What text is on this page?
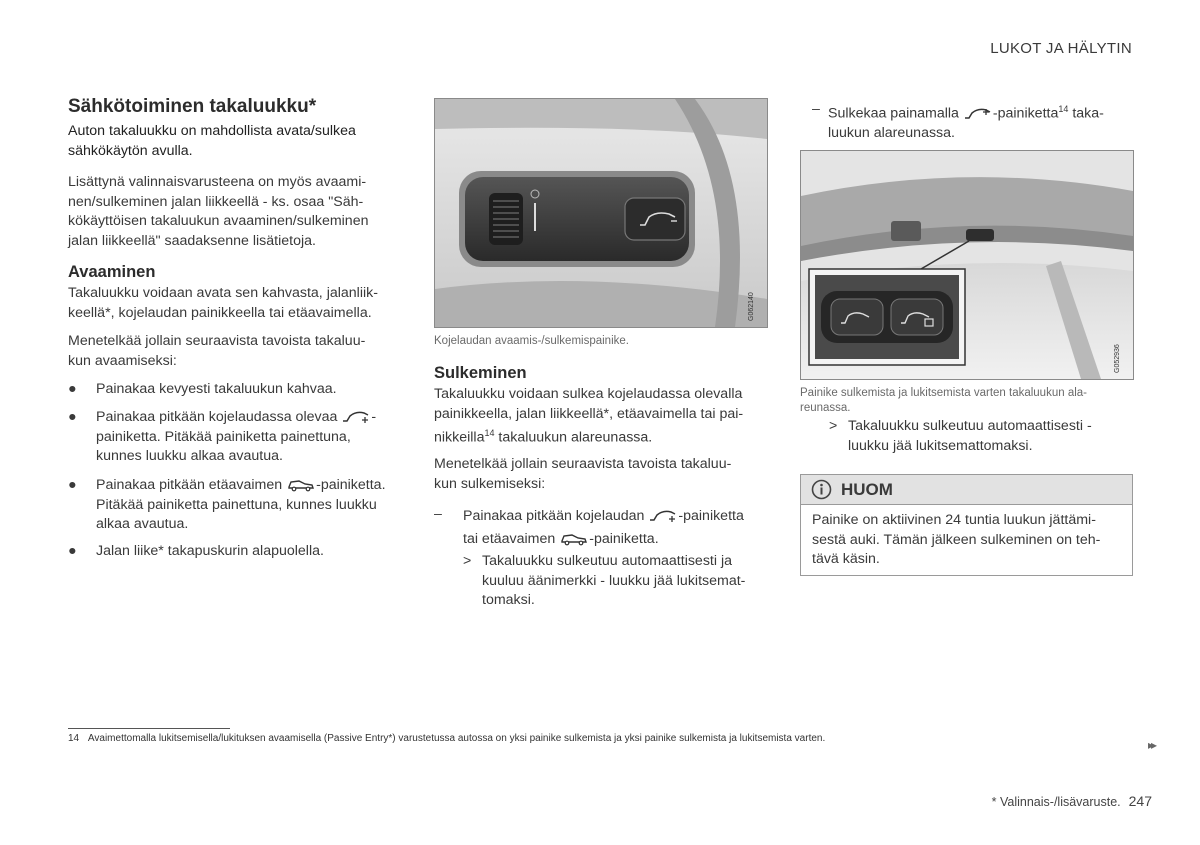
LUKOT JA HÄLYTIN
Sähkötoiminen takaluukku*
Auton takaluukku on mahdollista avata/sulkea
sähkökäytön avulla.
Lisättynä valinnaisvarusteena on myös avaami-
nen/sulkeminen jalan liikkeellä - ks. osaa "Säh-
kökäyttöisen takaluukun avaaminen/sulkeminen
jalan liikkeellä" saadaksenne lisätietoja.
Avaaminen
Takaluukku voidaan avata sen kahvasta, jalanliik-
keellä*, kojelaudan painikkeella tai etäavaimella.
Menetelkää jollain seuraavista tavoista takaluu-
kun avaamiseksi:
● Painakaa kevyesti takaluukun kahvaa.
● Painakaa pitkään kojelaudassa olevaa -
painiketta. Pitäkää painiketta painettuna,
kunnes luukku alkaa avautua.
● Painakaa pitkään etäavaimen -painiketta.
Pitäkää painiketta painettuna, kunnes luukku
alkaa avautua.
● Jalan liike* takapuskurin alapuolella.
G062140
Kojelaudan avaamis-/sulkemispainike.
Sulkeminen
Takaluukku voidaan sulkea kojelaudassa olevalla
painikkeella, jalan liikkeellä*, etäavaimella tai pai-
nikkeilla$^{14}$ takaluukun alareunassa.
Menetelkää jollain seuraavista tavoista takaluu-
kun sulkemiseksi:
– Painakaa pitkään kojelaudan -painiketta
tai etäavaimen -painiketta.
> Takaluukku sulkeutuu automaattisesti ja
kuuluu äänimerkki - luukku jää lukitsemat-
tomaksi.
– Sulkekaa painamalla -painiketta$^{14}$ taka-
luukun alareunassa.
G052936
Painike sulkemista ja lukitsemista varten takaluukun ala-
reunassa.
> Takaluukku sulkeutuu automaattisesti -
luukku jää lukitsemattomaksi.
HUOM
Painike on aktiivinen 24 tuntia luukun jättämi-
sestä auki. Tämän jälkeen sulkeminen on teh-
tävä käsin.
14 Avaimettomalla lukitsemisella/lukituksen avaamisella (Passive Entry*) varustetussa autossa on yksi painike sulkemista ja yksi painike sulkemista ja lukitsemista varten.	▸▸
* Valinnais-/lisävaruste. 247
